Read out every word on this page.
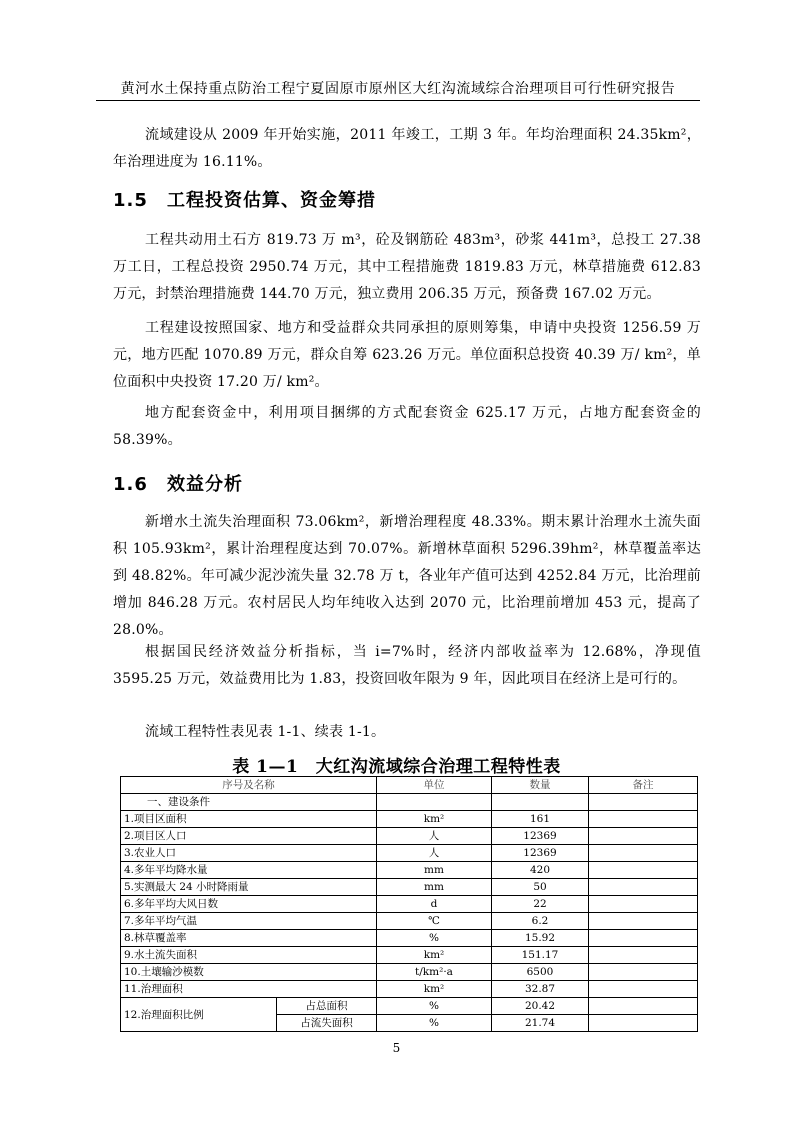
黄河水土保持重点防治工程宁夏固原市原州区大红沟流域综合治理项目可行性研究报告
流域建设从 2009 年开始实施，2011 年竣工，工期 3 年。年均治理面积 24.35km²，年治理进度为 16.11%。
1.5 工程投资估算、资金筹措
工程共动用土石方 819.73 万 m³，砼及钢筋砼 483m³，砂浆 441m³，总投工 27.38 万工日，工程总投资 2950.74 万元，其中工程措施费 1819.83 万元，林草措施费 612.83 万元，封禁治理措施费 144.70 万元，独立费用 206.35 万元，预备费 167.02 万元。
工程建设按照国家、地方和受益群众共同承担的原则筹集，申请中央投资 1256.59 万元，地方匹配 1070.89 万元，群众自筹 623.26 万元。单位面积总投资 40.39 万/ km²，单位面积中央投资 17.20 万/ km²。
地方配套资金中，利用项目捆绑的方式配套资金 625.17 万元，占地方配套资金的 58.39%。
1.6 效益分析
新增水土流失治理面积 73.06km²，新增治理程度 48.33%。期末累计治理水土流失面积 105.93km²，累计治理程度达到 70.07%。新增林草面积 5296.39hm²，林草覆盖率达到 48.82%。年可减少泥沙流失量 32.78 万 t，各业年产值可达到 4252.84 万元，比治理前增加 846.28 万元。农村居民人均年纯收入达到 2070 元，比治理前增加 453 元，提高了 28.0%。
根据国民经济效益分析指标，当 i=7%时，经济内部收益率为 12.68%，净现值 3595.25 万元，效益费用比为 1.83，投资回收年限为 9 年，因此项目在经济上是可行的。
流域工程特性表见表 1-1、续表 1-1。
表 1—1　大红沟流域综合治理工程特性表
序号及名称		单位	数量	备注
一、建设条件				
1.项目区面积		km²	161	
2.项目区人口		人	12369	
3.农业人口		人	12369	
4.多年平均降水量		mm	420	
5.实测最大 24 小时降雨量		mm	50	
6.多年平均大风日数		d	22	
7.多年平均气温		℃	6.2	
8.林草覆盖率		%	15.92	
9.水土流失面积		km²	151.17	
10.土壤输沙模数		t/km²·a	6500	
11.治理面积		km²	32.87	
12.治理面积比例	占总面积	%	20.42	
	占流失面积	%	21.74	
5
